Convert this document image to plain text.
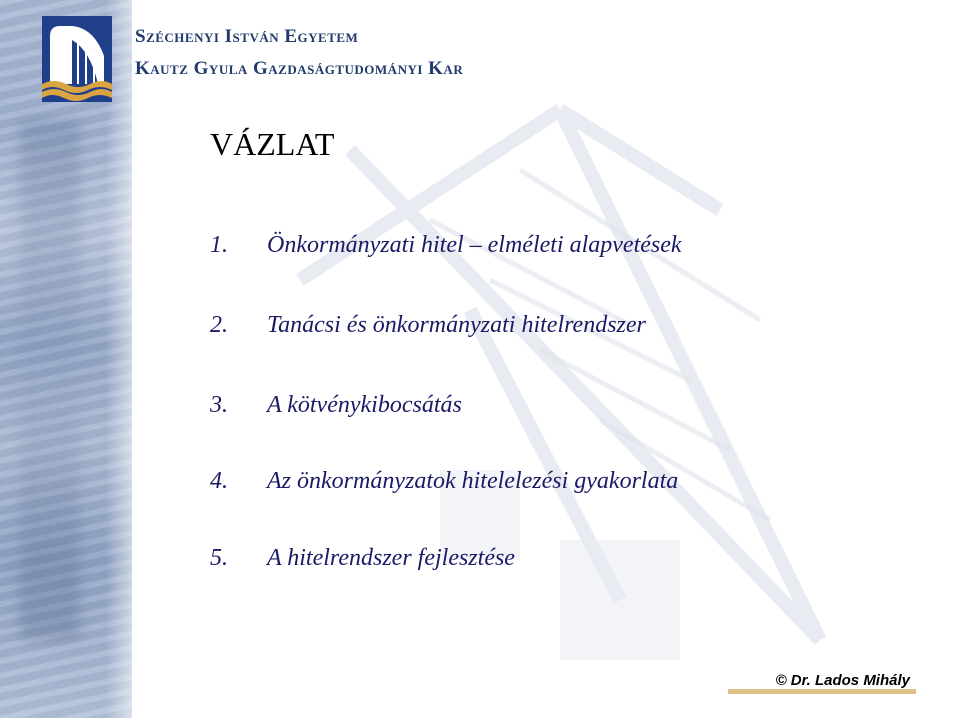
Széchenyi István Egyetem
Kautz Gyula Gazdaságtudományi Kar
VÁZLAT
1. Önkormányzati hitel – elméleti alapvetések
2. Tanácsi és önkormányzati hitelrendszer
3. A kötvénykibocsátás
4. Az önkormányzatok hitelelezési gyakorlata
5. A hitelrendszer fejlesztése
© Dr. Lados Mihály
